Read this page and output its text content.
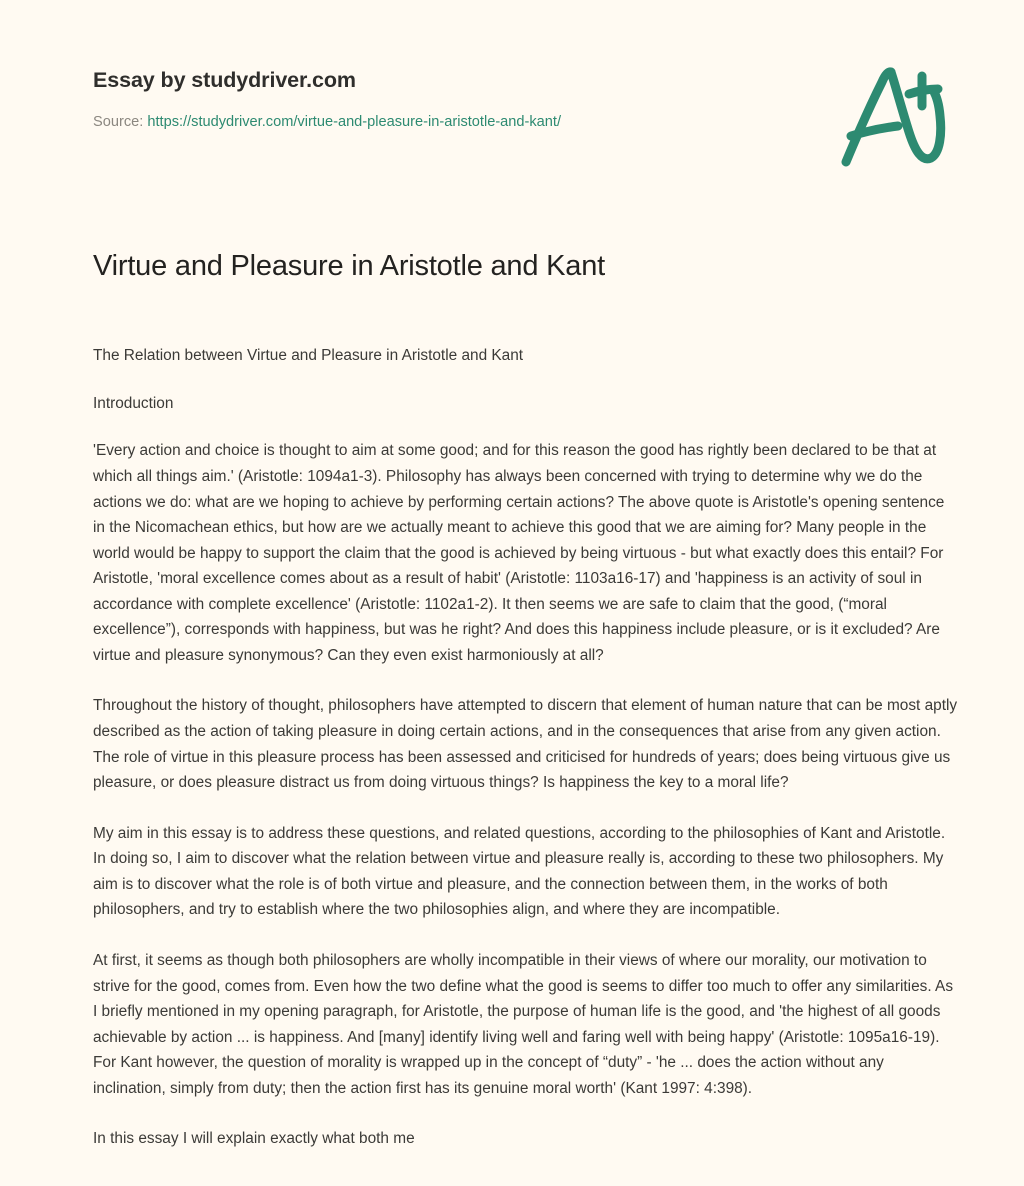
Essay by studydriver.com
Source: https://studydriver.com/virtue-and-pleasure-in-aristotle-and-kant/
Virtue and Pleasure in Aristotle and Kant

The Relation between Virtue and Pleasure in Aristotle and Kant

Introduction

'Every action and choice is thought to aim at some good; and for this reason the good has rightly been declared to be that at which all things aim.' (Aristotle: 1094a1-3). Philosophy has always been concerned with trying to determine why we do the actions we do: what are we hoping to achieve by performing certain actions? The above quote is Aristotle's opening sentence in the Nicomachean ethics, but how are we actually meant to achieve this good that we are aiming for? Many people in the world would be happy to support the claim that the good is achieved by being virtuous - but what exactly does this entail? For Aristotle, 'moral excellence comes about as a result of habit' (Aristotle: 1103a16-17) and 'happiness is an activity of soul in accordance with complete excellence' (Aristotle: 1102a1-2). It then seems we are safe to claim that the good, (“moral excellence”), corresponds with happiness, but was he right? And does this happiness include pleasure, or is it excluded? Are virtue and pleasure synonymous? Can they even exist harmoniously at all?

Throughout the history of thought, philosophers have attempted to discern that element of human nature that can be most aptly described as the action of taking pleasure in doing certain actions, and in the consequences that arise from any given action. The role of virtue in this pleasure process has been assessed and criticised for hundreds of years; does being virtuous give us pleasure, or does pleasure distract us from doing virtuous things? Is happiness the key to a moral life?

My aim in this essay is to address these questions, and related questions, according to the philosophies of Kant and Aristotle. In doing so, I aim to discover what the relation between virtue and pleasure really is, according to these two philosophers. My aim is to discover what the role is of both virtue and pleasure, and the connection between them, in the works of both philosophers, and try to establish where the two philosophies align, and where they are incompatible.

At first, it seems as though both philosophers are wholly incompatible in their views of where our morality, our motivation to strive for the good, comes from. Even how the two define what the good is seems to differ too much to offer any similarities. As I briefly mentioned in my opening paragraph, for Aristotle, the purpose of human life is the good, and 'the highest of all goods achievable by action ... is happiness. And [many] identify living well and faring well with being happy' (Aristotle: 1095a16-19). For Kant however, the question of morality is wrapped up in the concept of “duty” - 'he ... does the action without any inclination, simply from duty; then the action first has its genuine moral worth' (Kant 1997: 4:398).

In this essay I will explain exactly what both me
